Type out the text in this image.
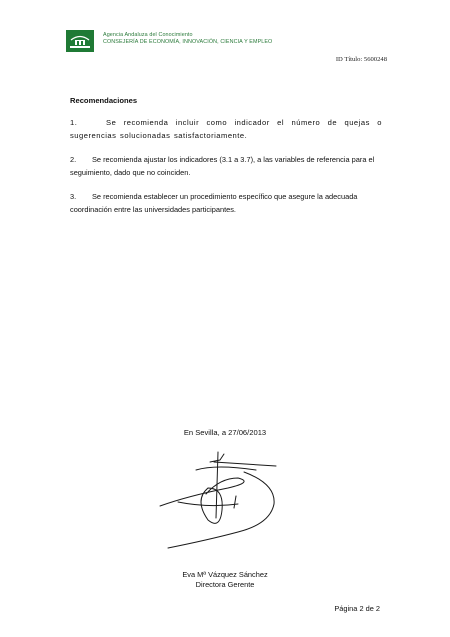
Agencia Andaluza del Conocimiento
CONSEJERÍA DE ECONOMÍA, INNOVACIÓN, CIENCIA Y EMPLEO
ID Título: 5600248
Recomendaciones
1.	Se recomienda incluir como indicador el número de quejas o sugerencias solucionadas satisfactoriamente.
2. Se recomienda ajustar los indicadores (3.1 a 3.7), a las variables de referencia para el seguimiento, dado que no coinciden.
3. Se recomienda establecer un procedimiento específico que asegure la adecuada coordinación entre las universidades participantes.
En Sevilla, a 27/06/2013
Eva Mª Vázquez Sánchez
Directora Gerente
Página 2 de 2
